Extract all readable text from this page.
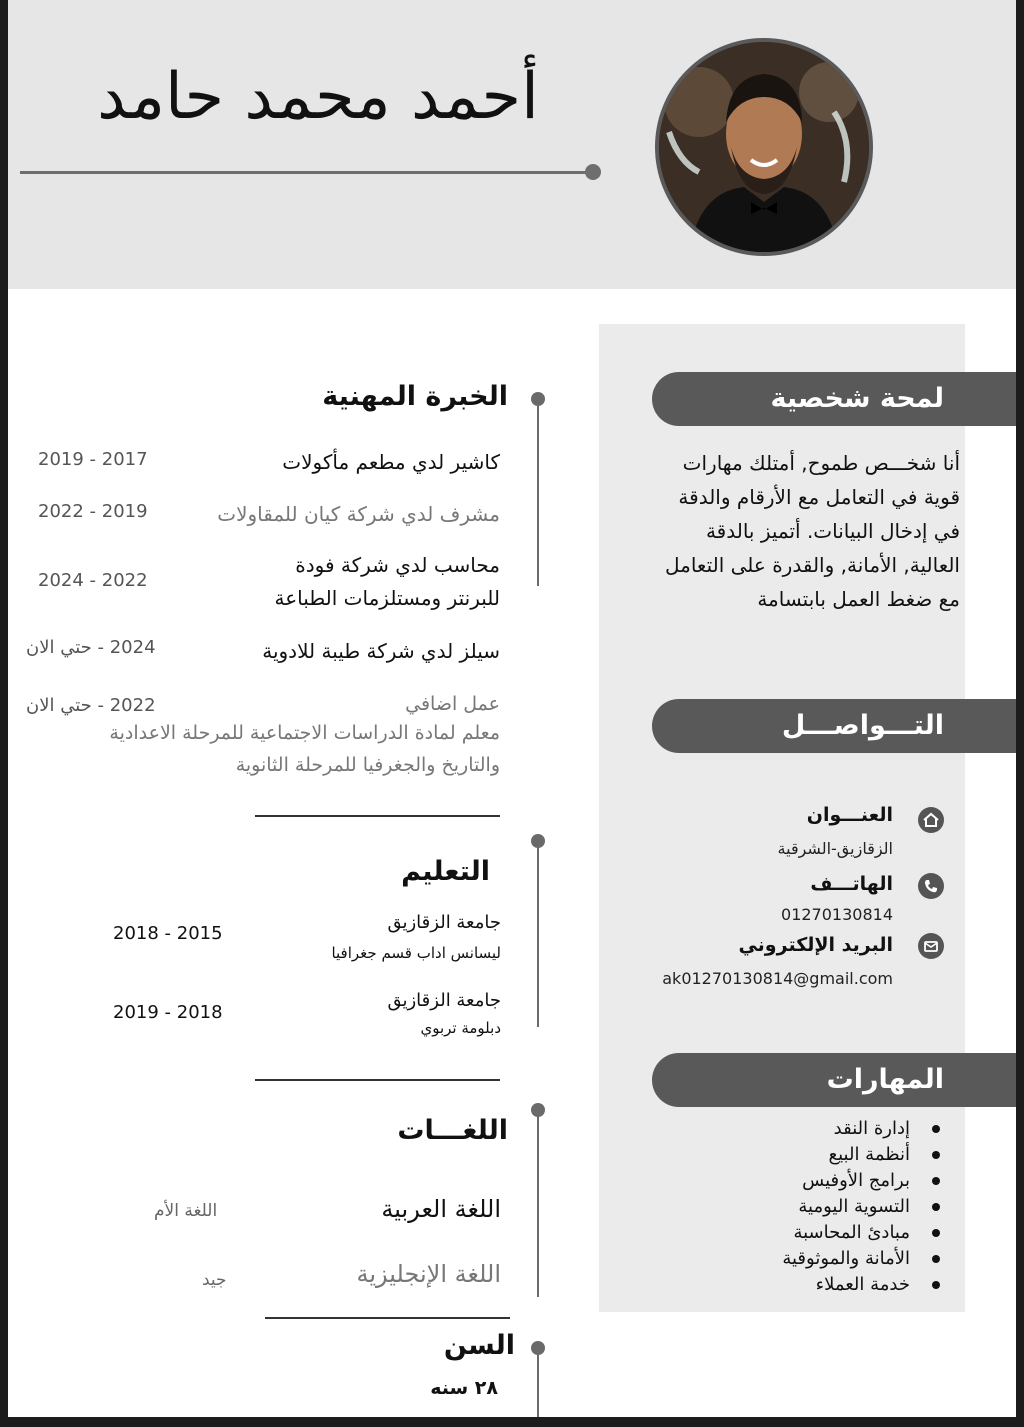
أحمد محمد حامد
لمحة شخصية
أنا شخـــص طموح, أمتلك مهارات
قوية في التعامل مع الأرقام والدقة
في إدخال البيانات. أتميز بالدقة
العالية, الأمانة, والقدرة على التعامل
مع ضغط العمل بابتسامة
التـــواصـــل
العنـــوان
الزقازيق-الشرقية
الهاتـــف
01270130814
البريد الإلكتروني
ak01270130814@gmail.com
المهارات
إدارة النقد
أنظمة البيع
برامج الأوفيس
التسوية اليومية
مبادئ المحاسبة
الأمانة والموثوقية
خدمة العملاء
الخبرة المهنية
كاشير لدي مطعم مأكولات
2019 - 2017
مشرف لدي شركة كيان للمقاولات
2022 - 2019
محاسب لدي شركة فودة
للبرنتر ومستلزمات الطباعة
2024 - 2022
سيلز لدي شركة طيبة للادوية
2024 - حتي الان
عمل اضافي
2022 - حتي الان
معلم لمادة الدراسات الاجتماعية للمرحلة الاعدادية
والتاريخ والجغرفيا للمرحلة الثانوية
التعليم
جامعة الزقازيق
ليسانس اداب قسم جغرافيا
2018 - 2015
جامعة الزقازيق
دبلومة تربوي
2019 - 2018
اللغـــات
اللغة العربية
اللغة الأم
اللغة الإنجليزية
جيد
السن
٢٨ سنه
